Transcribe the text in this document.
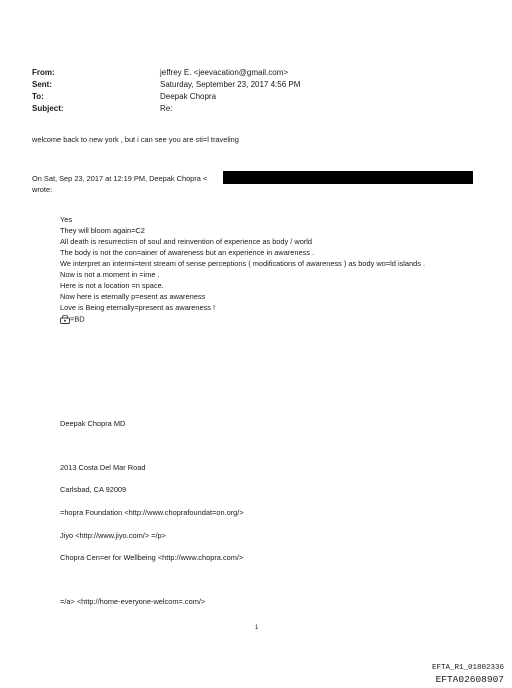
From:	jeffrey E. <jeevacation@gmail.com>
Sent:	Saturday, September 23, 2017 4:56 PM
To:	Deepak Chopra
Subject:	Re:
welcome back to new york , but i can see you are sti=l traveling
On Sat, Sep 23, 2017 at 12:19 PM, Deepak Chopra <
wrote:
Yes
They will bloom again=C2
All death is resurrecti=n of soul and reinvention of experience as body / world
The body is not the con=ainer of awareness but an experience in awareness .
We interpret an intermi=tent stream of sense perceptions ( modifications of awareness ) as body wo=ld islands .
Now is not a moment in =ime .
Here is not a location =n space.
Now here is eternally p=esent as awareness
Love is Being eternally=present as awareness !
=BD
Deepak Chopra MD
2013 Costa Del Mar Road
Carlsbad, CA 92009
=hopra Foundation <http://www.choprafoundat=on.org/>
Jiyo <http://www.jiyo.com/> =/p>
Chopra Cen=er for Wellbeing <http://www.chopra.com/>
=/a> <http://home-everyone-welcom=.com/>
1
EFTA_R1_01802336
EFTA02608907
